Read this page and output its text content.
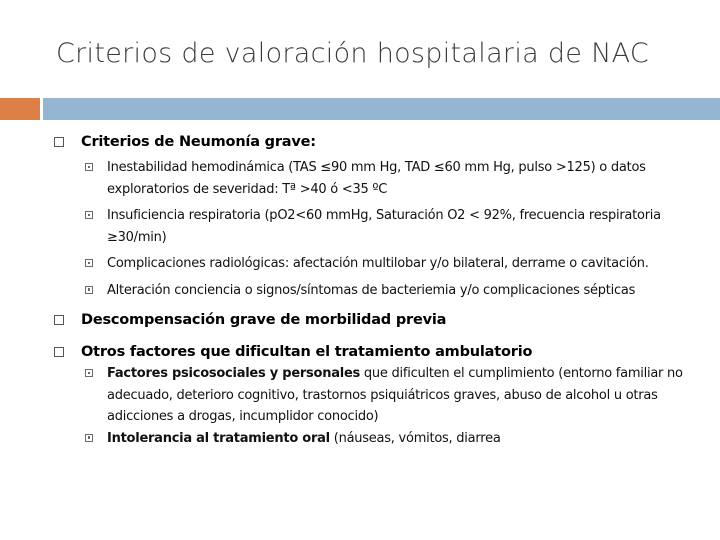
Criterios de valoración hospitalaria de NAC
Criterios de Neumonía grave:
Inestabilidad hemodinámica (TAS ≤90 mm Hg, TAD ≤60 mm Hg, pulso >125) o datos exploratorios de severidad: Tª >40 ó <35 ºC
Insuficiencia respiratoria (pO2<60 mmHg, Saturación O2 < 92%, frecuencia respiratoria ≥30/min)
Complicaciones radiológicas: afectación multilobar y/o bilateral, derrame o cavitación.
Alteración conciencia o signos/síntomas de bacteriemia y/o complicaciones sépticas
Descompensación grave de morbilidad previa
Otros factores que dificultan el tratamiento ambulatorio
Factores psicosociales y personales que dificulten el cumplimiento (entorno familiar no adecuado, deterioro cognitivo, trastornos psiquiátricos graves, abuso de alcohol u otras adicciones a drogas, incumplidor conocido)
Intolerancia al tratamiento oral (náuseas, vómitos, diarrea
